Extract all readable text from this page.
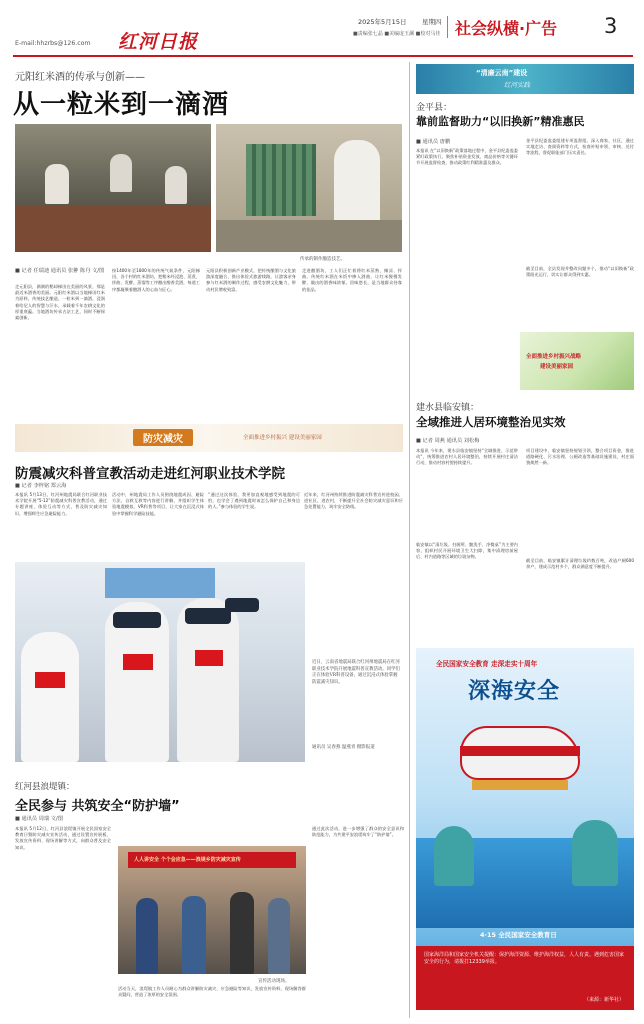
E-mail:hhzrbs@126.com 红河日报
2025年5月15日 星期四
■责编张七晶 ■美编庞玉澜 ■校对马佳 社会纵横·广告 3
元阳红米酒的传承与创新——
从一粒米到一滴酒
传承的制作酿造技艺。
■ 记者 任瑞迪 通讯员 张翀 陈丹 文/图
走元阳县，满满的稻却梯田在美丽的风景，那是最近米酒香的美丽。元阳红米酒以当地梯田红米为原料，传统技艺酿造，一粒米到一滴酒，浸润着哈尼人的智慧与汗水，承载着千年农耕文化的厚重底蕴。当地酒坊传承古法工艺，同时不断探索创新。
按1400年至1800年的传统气候条件，元阳梯田，各个村的红米酒坊，把稻米经浸泡、蒸煮、拌曲、发酵、蒸馏等工序酿出醇香美酒，每道工序都凝聚着酿酒人的心血与匠心。
元阳县积极创新产业模式，把传统酿酒与文化旅游深度融合，推出体验式旅游线路，让游客亲身参与红米酒的制作过程，感受农耕文化魅力，带动村民增收致富。
走进酿酒坊，工人们正忙着将红米蒸熟、摊凉、拌曲。传统红米酒在米饭中掺入酒曲，让红米慢慢发酵，做出的酒香味浓郁，回味悠长，是当地群众待客的佳品。
“清廉云南”建设
红河实践
金平县：
靠前监督助力“以旧换新”精准惠民
■ 通讯员 唐鹏
本报讯 在“以旧换新”政策落地过程中，金平县纪委监委紧盯政策执行，聚焦补贴资金发放、商品价格等关键环节开展监督检查，推动政策红利精准惠及群众。
金平县纪委监委组建专项监督组，深入商家、社区，通过实地走访、查阅资料等方式，检查补贴申领、审核、兑付等流程，督促职能部门压实责任。
截至目前，全县发现并整改问题多个，推动“以旧换新”政策阳光运行，切实让群众得到实惠。
全面推进乡村振兴战略
建设美丽家园
建水县临安镇：
全域推进人居环境整治见实效
■ 记者 周燕 通讯员 刘松梅
本报讯 今年来，建水县临安镇坚持“全域推进、示范带动“，统筹推进农村人居环境整治，持续开展村庄清洁行动，推动村容村貌持续提升。
临安镇以“清垃圾、扫厕所、勤洗手、净餐桌”为主要内容，组织村民开展环境卫生大扫除，集中清理房前屋后、村内道路等区域的垃圾杂物。
项目建设中，临安镇坚持规划引领，整合项目资金，推进道路硬化、污水治理、公厕改造等基础设施建设，村庄面貌焕然一新。
截至目前，临安镇累计清理垃圾约数百吨，改造户厕600余户，建成示范村多个，群众满意度不断提升。
全民国家安全教育 走深走实十周年
深海安全
4·15 全民国家安全教育日
国家海洋局和国家安全机关提醒：保护海洋资源、维护海洋权益，人人有责。遇到危害国家安全的行为，请拨打12339举报。
（来源：新华社）
防灾减灾	全面推进乡村振兴 建设美丽家园
防震减灾科普宣教活动走进红河职业技术学院
■ 记者 李梓铭 郑云海
本报讯 5月13日，红河州地震局联合红河职业技术学院开展“5·12”防震减灾科普宣教活动，通过专题讲座、体验互动等方式，普及防灾减灾知识，增强师生应急避险能力。
活动中，州地震局工作人员围绕地震成因、避险方法、自救互救等内容进行讲解，并组织学生体验地震模拟、VR科普等项目，让大家在沉浸式体验中掌握科学避险技能。
“通过这次体验，我更加直观地感受到地震的可怕，也学会了遇到地震时该怎么保护自己和身边的人。”参与体验的学生说。
近年来，红河州持续推进防震减灾科普宣传进校园、进社区、进农村，不断提升全社会防灾减灾意识和应急处置能力，筑牢安全防线。
近日，云南省地震局联合红河州地震局在红河职业技术学院开展地震科普宣教活动。同学们正在体验VR科普设备，通过沉浸式体验掌握防震减灾知识。
通讯员 吴春燕 温燕青 摄影报道
红河县浪堤镇：
全民参与 共筑安全“防护墙”
■ 通讯员 周瑞 文/图
本报讯 5月12日，红河县浪堤镇开展全民国家安全教育日暨防灾减灾宣传活动，通过设置宣传展板、发放宣传资料、现场讲解等方式，向群众普及安全知识。
人人讲安全 个个会应急——浪堤乡防灾减灾宣传
宣传活动现场。
活动当天，浪堤镇工作人员耐心为群众讲解防灾减灾、应急避险等知识，发放宣传资料，现场解答群众疑问，营造了浓厚的安全氛围。
通过此次活动，进一步增强了群众的安全意识和防范能力，为共建平安浪堤筑牢了“防护墙”。
